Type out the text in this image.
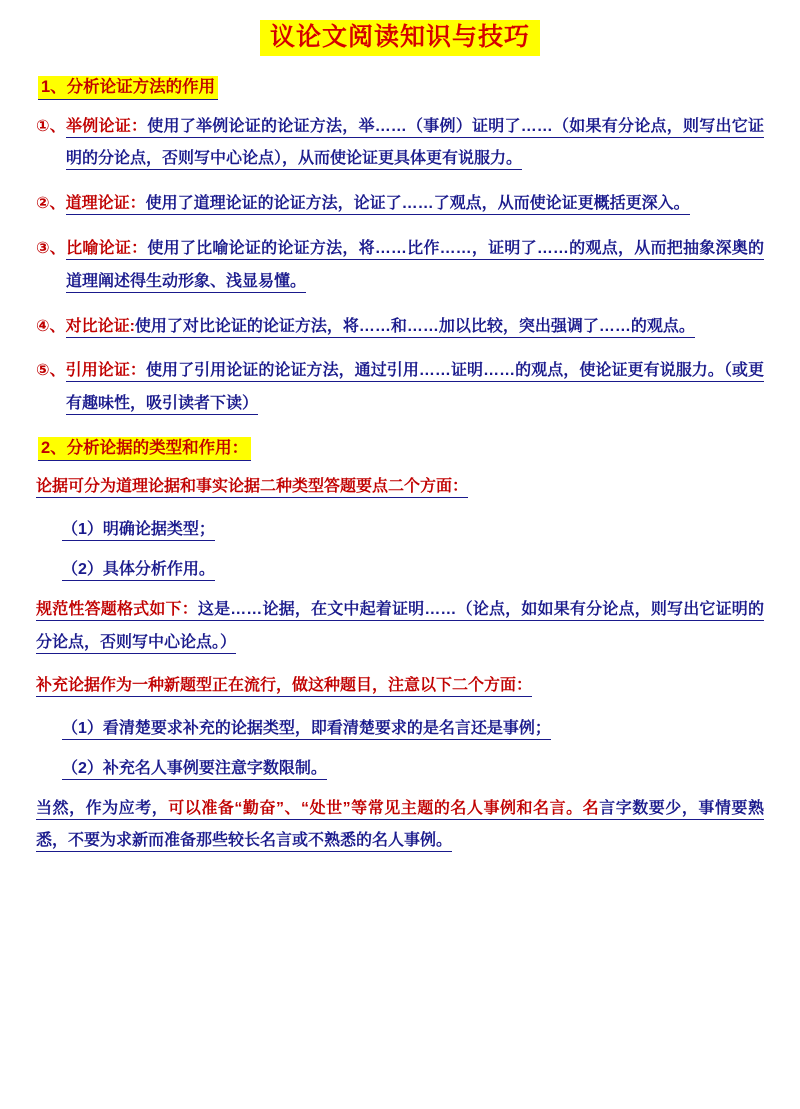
议论文阅读知识与技巧
1、分析论证方法的作用
①、举例论证：使用了举例论证的论证方法，举……（事例）证明了……（如果有分论点，则写出它证明的分论点，否则写中心论点），从而使论证更具体更有说服力。
②、道理论证：使用了道理论证的论证方法，论证了……了观点，从而使论证更概括更深入。
③、比喻论证：使用了比喻论证的论证方法，将……比作……，证明了……的观点，从而把抽象深奥的道理阐述得生动形象、浅显易懂。
④、对比论证:使用了对比论证的论证方法，将……和……加以比较，突出强调了……的观点。
⑤、引用论证：使用了引用论证的论证方法，通过引用……证明……的观点，使论证更有说服力。（或更有趣味性，吸引读者下读）
2、分析论据的类型和作用：
论据可分为道理论据和事实论据二种类型答题要点二个方面：
（1）明确论据类型；
（2）具体分析作用。
规范性答题格式如下：这是……论据，在文中起着证明……（论点，如如果有分论点，则写出它证明的分论点，否则写中心论点。）
补充论据作为一种新题型正在流行，做这种题目，注意以下二个方面：
（1）看清楚要求补充的论据类型，即看清楚要求的是名言还是事例；
（2）补充名人事例要注意字数限制。
当然，作为应考，可以准备“勤奋”、“处世”等常见主题的名人事例和名言。名言字数要少，事情要熟悉，不要为求新而准备那些较长名言或不熟悉的名人事例。
